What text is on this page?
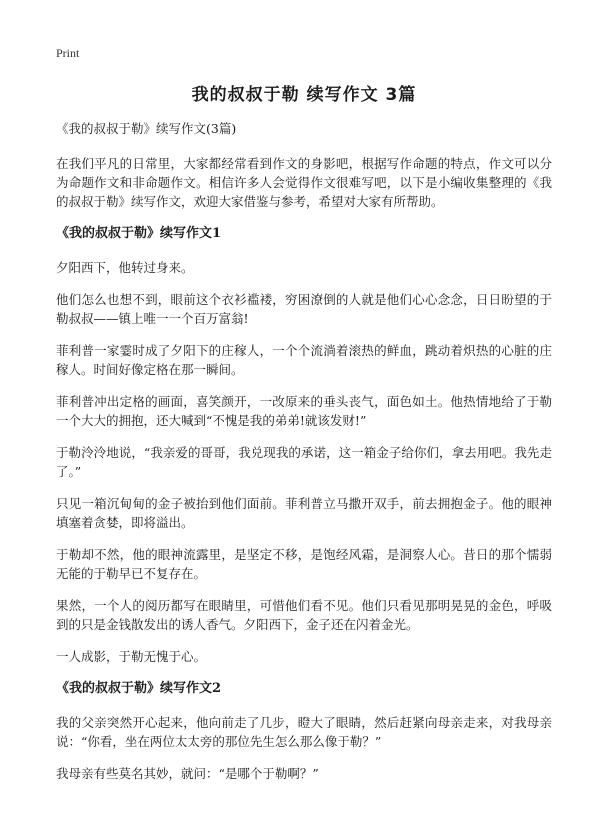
Print
我的叔叔于勒 续写作文 3篇
《我的叔叔于勒》续写作文(3篇)

在我们平凡的日常里，大家都经常看到作文的身影吧，根据写作命题的特点，作文可以分为命题作文和非命题作文。相信许多人会觉得作文很难写吧，以下是小编收集整理的《我的叔叔于勒》续写作文，欢迎大家借鉴与参考，希望对大家有所帮助。

《我的叔叔于勒》续写作文1

夕阳西下，他转过身来。

他们怎么也想不到，眼前这个衣衫褴褛，穷困潦倒的人就是他们心心念念，日日盼望的于勒叔叔——镇上唯一一个百万富翁!

菲利普一家霎时成了夕阳下的庄稼人，一个个流淌着滚热的鲜血，跳动着炽热的心脏的庄稼人。时间好像定格在那一瞬间。

菲利普冲出定格的画面，喜笑颜开，一改原来的垂头丧气，面色如土。他热情地给了于勒一个大大的拥抱，还大喊到“不愧是我的弟弟!就该发财!”

于勒泠泠地说，“我亲爱的哥哥，我兑现我的承诺，这一箱金子给你们，拿去用吧。我先走了。”

只见一箱沉甸甸的金子被抬到他们面前。菲利普立马撒开双手，前去拥抱金子。他的眼神填塞着贪婪，即将溢出。

于勒却不然，他的眼神流露里，是坚定不移，是饱经风霜，是洞察人心。昔日的那个懦弱无能的于勒早已不复存在。

果然，一个人的阅历都写在眼睛里，可惜他们看不见。他们只看见那明晃晃的金色，呼吸到的只是金钱散发出的诱人香气。夕阳西下，金子还在闪着金光。

一人成影，于勒无愧于心。

《我的叔叔于勒》续写作文2

我的父亲突然开心起来，他向前走了几步，瞪大了眼睛，然后赶紧向母亲走来，对我母亲说：“你看，坐在两位太太旁的那位先生怎么那么像于勒？”

我母亲有些莫名其妙，就问：“是哪个于勒啊？”
